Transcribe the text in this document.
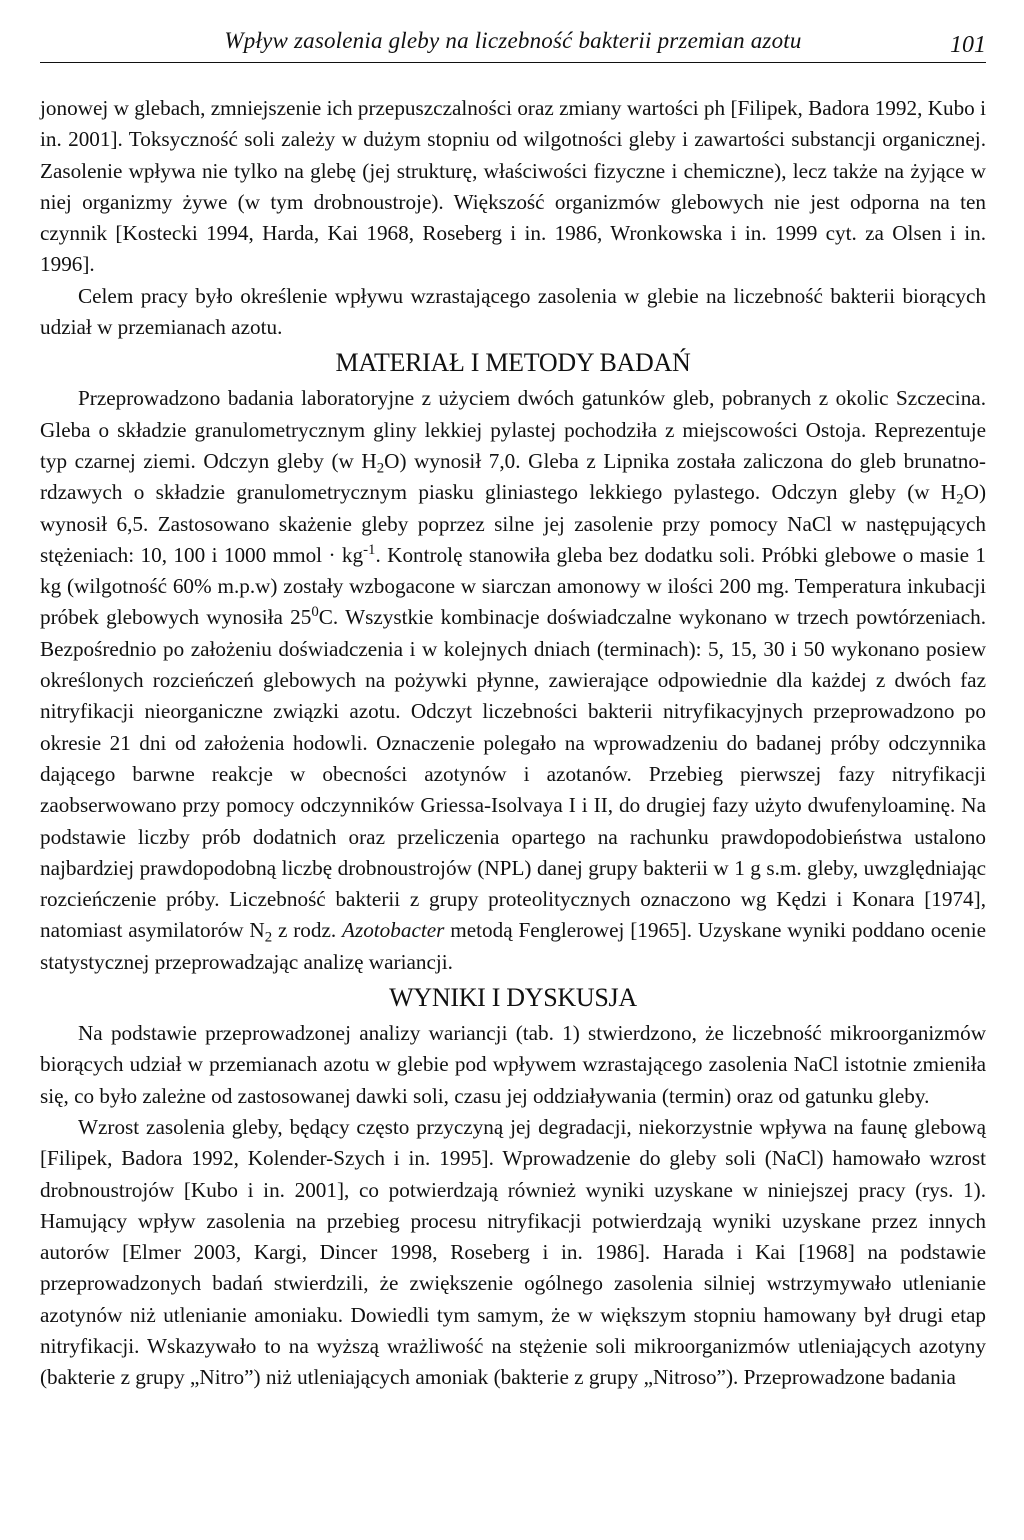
Wpływ zasolenia gleby na liczebność bakterii przemian azotu	101

jonowej w glebach, zmniejszenie ich przepuszczalności oraz zmiany wartości ph [Filipek, Badora 1992, Kubo i in. 2001]. Toksyczność soli zależy w dużym stopniu od wilgotności gleby i zawartości substancji organicznej. Zasolenie wpływa nie tylko na glebę (jej strukturę, właściwości fizyczne i chemiczne), lecz także na żyjące w niej organizmy żywe (w tym drobnoustroje). Większość organizmów glebowych nie jest odporna na ten czynnik [Kostecki 1994, Harda, Kai 1968, Roseberg i in. 1986, Wronkowska i in. 1999 cyt. za Olsen i in. 1996].

Celem pracy było określenie wpływu wzrastającego zasolenia w glebie na liczebność bakterii biorących udział w przemianach azotu.

MATERIAŁ I METODY BADAŃ

Przeprowadzono badania laboratoryjne z użyciem dwóch gatunków gleb, pobranych z okolic Szczecina. Gleba o składzie granulometrycznym gliny lekkiej pylastej pochodziła z miejscowości Ostoja. Reprezentuje typ czarnej ziemi. Odczyn gleby (w $H_2O$) wynosił 7,0. Gleba z Lipnika została zaliczona do gleb brunatno-rdzawych o składzie granulometrycznym piasku gliniastego lekkiego pylastego. Odczyn gleby (w $H_2O$) wynosił 6,5. Zastosowano skażenie gleby poprzez silne jej zasolenie przy pomocy NaCl w następujących stężeniach: 10, 100 i 1000 mmol · $kg^{-1}$. Kontrolę stanowiła gleba bez dodatku soli. Próbki glebowe o masie 1 kg (wilgotność 60% m.p.w) zostały wzbogacone w siarczan amonowy w ilości 200 mg. Temperatura inkubacji próbek glebowych wynosiła $25^0C$. Wszystkie kombinacje doświadczalne wykonano w trzech powtórzeniach. Bezpośrednio po założeniu doświadczenia i w kolejnych dniach (terminach): 5, 15, 30 i 50 wykonano posiew określonych rozcieńczeń glebowych na pożywki płynne, zawierające odpowiednie dla każdej z dwóch faz nitryfikacji nieorganiczne związki azotu. Odczyt liczebności bakterii nitryfikacyjnych przeprowadzono po okresie 21 dni od założenia hodowli. Oznaczenie polegało na wprowadzeniu do badanej próby odczynnika dającego barwne reakcje w obecności azotynów i azotanów. Przebieg pierwszej fazy nitryfikacji zaobserwowano przy pomocy odczynników Griessa-Isolvaya I i II, do drugiej fazy użyto dwufenyloaminę. Na podstawie liczby prób dodatnich oraz przeliczenia opartego na rachunku prawdopodobieństwa ustalono najbardziej prawdopodobną liczbę drobnoustrojów (NPL) danej grupy bakterii w 1 g s.m. gleby, uwzględniając rozcieńczenie próby. Liczebność bakterii z grupy proteolitycznych oznaczono wg Kędzi i Konara [1974], natomiast asymilatorów $N_2$ z rodz. Azotobacter metodą Fenglerowej [1965]. Uzyskane wyniki poddano ocenie statystycznej przeprowadzając analizę wariancji.

WYNIKI I DYSKUSJA

Na podstawie przeprowadzonej analizy wariancji (tab. 1) stwierdzono, że liczebność mikroorganizmów biorących udział w przemianach azotu w glebie pod wpływem wzrastającego zasolenia NaCl istotnie zmieniła się, co było zależne od zastosowanej dawki soli, czasu jej oddziaływania (termin) oraz od gatunku gleby.

Wzrost zasolenia gleby, będący często przyczyną jej degradacji, niekorzystnie wpływa na faunę glebową [Filipek, Badora 1992, Kolender-Szych i in. 1995]. Wprowadzenie do gleby soli (NaCl) hamowało wzrost drobnoustrojów [Kubo i in. 2001], co potwierdzają również wyniki uzyskane w niniejszej pracy (rys. 1). Hamujący wpływ zasolenia na przebieg procesu nitryfikacji potwierdzają wyniki uzyskane przez innych autorów [Elmer 2003, Kargi, Dincer 1998, Roseberg i in. 1986]. Harada i Kai [1968] na podstawie przeprowadzonych badań stwierdzili, że zwiększenie ogólnego zasolenia silniej wstrzymywało utlenianie azotynów niż utlenianie amoniaku. Dowiedli tym samym, że w większym stopniu hamowany był drugi etap nitryfikacji. Wskazywało to na wyższą wrażliwość na stężenie soli mikroorganizmów utleniających azotyny (bakterie z grupy „Nitro”) niż utleniających amoniak (bakterie z grupy „Nitroso”). Przeprowadzone badania
